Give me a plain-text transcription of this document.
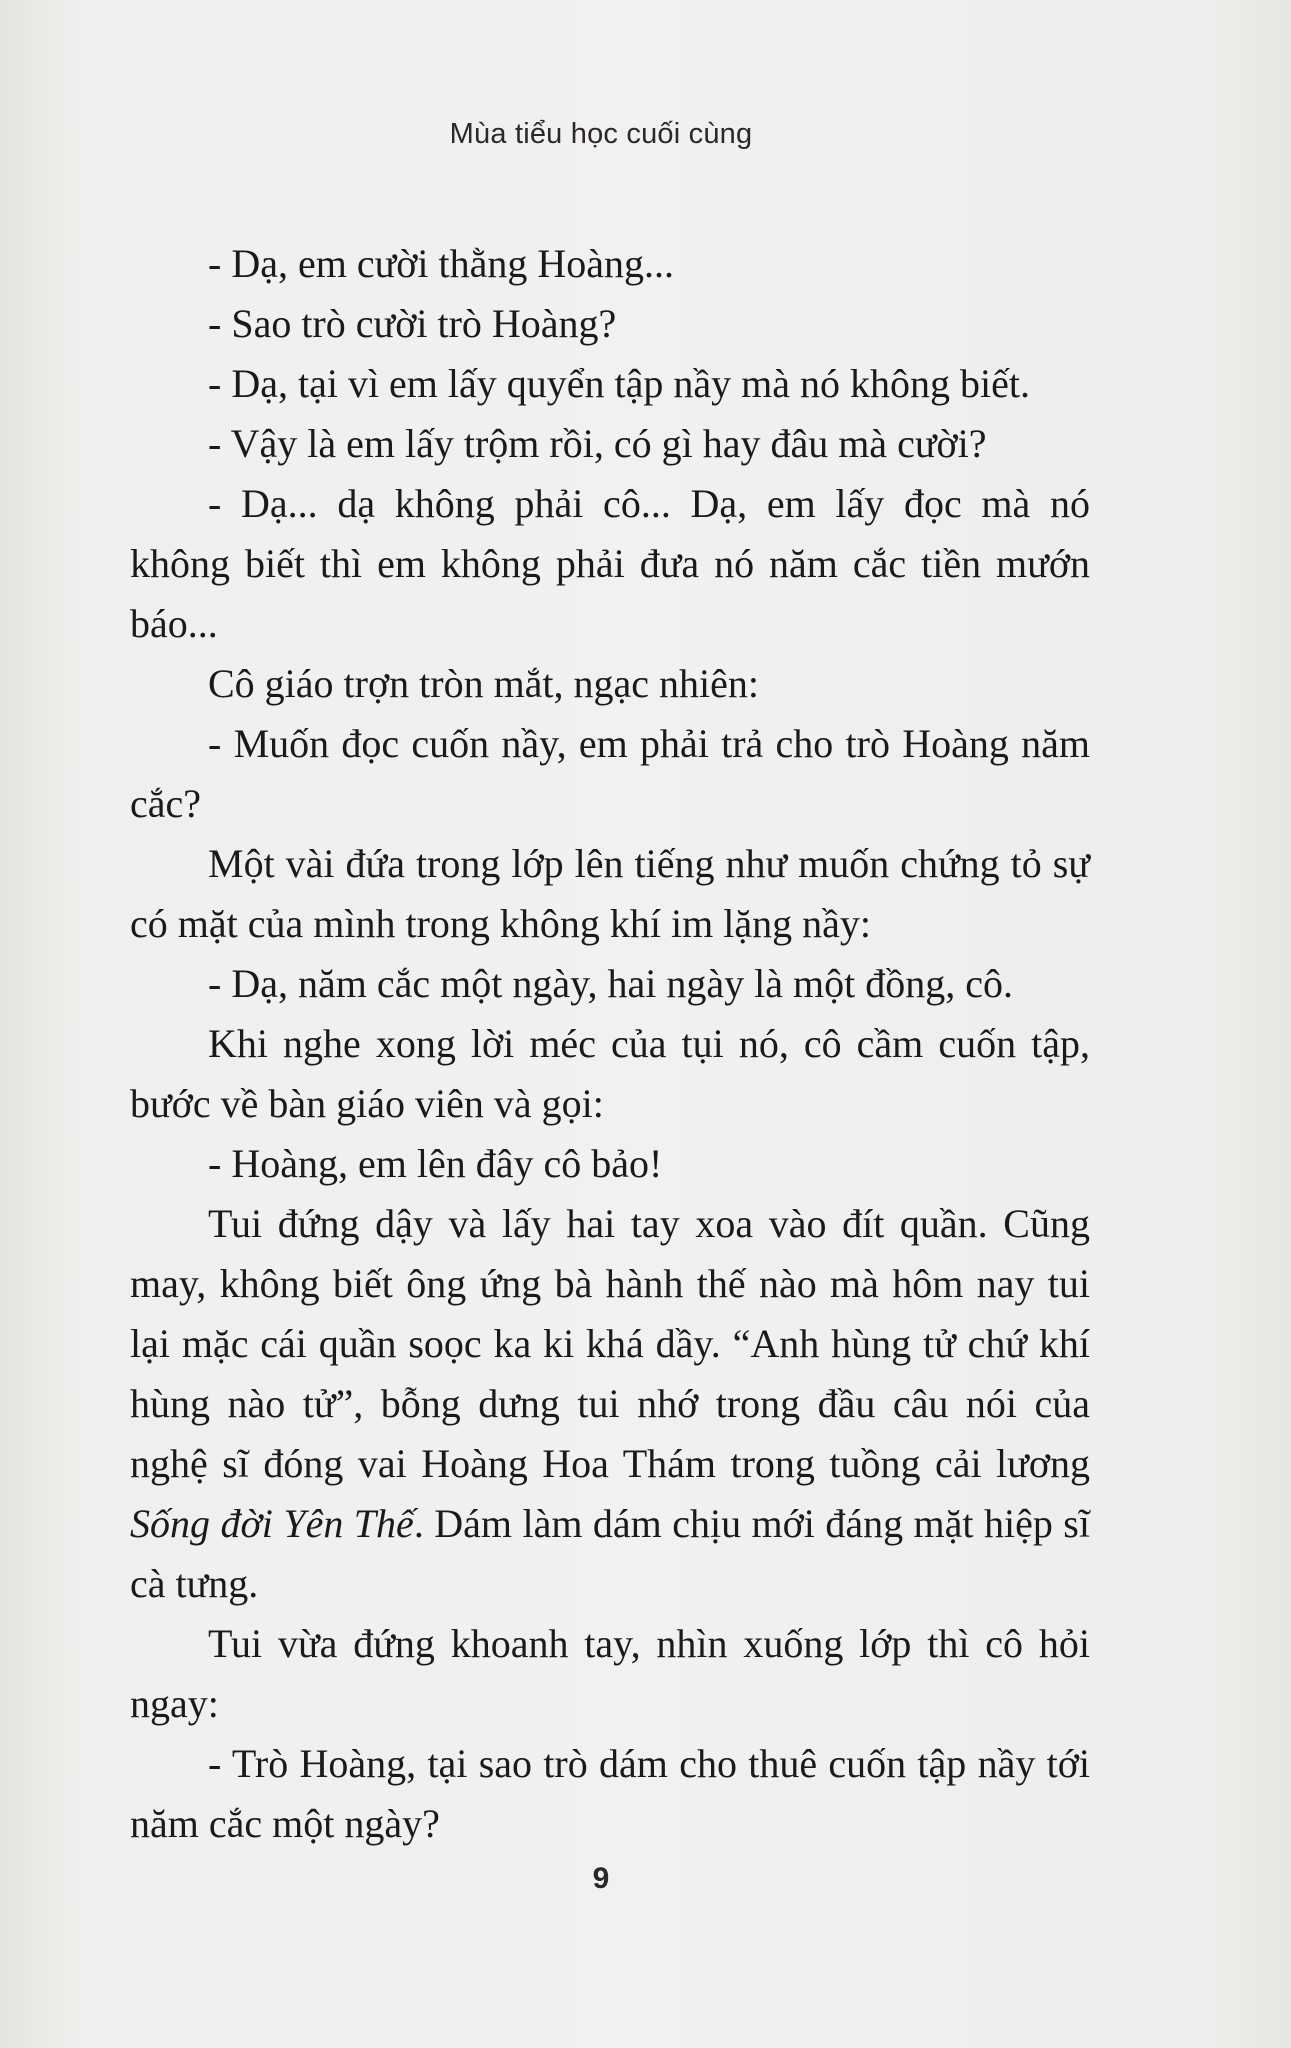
Mùa tiểu học cuối cùng

- Dạ, em cười thằng Hoàng...

- Sao trò cười trò Hoàng?

- Dạ, tại vì em lấy quyển tập nầy mà nó không biết.

- Vậy là em lấy trộm rồi, có gì hay đâu mà cười?

- Dạ... dạ không phải cô... Dạ, em lấy đọc mà nó không biết thì em không phải đưa nó năm cắc tiền mướn báo...

Cô giáo trợn tròn mắt, ngạc nhiên:

- Muốn đọc cuốn nầy, em phải trả cho trò Hoàng năm cắc?

Một vài đứa trong lớp lên tiếng như muốn chứng tỏ sự có mặt của mình trong không khí im lặng nầy:

- Dạ, năm cắc một ngày, hai ngày là một đồng, cô.

Khi nghe xong lời méc của tụi nó, cô cầm cuốn tập, bước về bàn giáo viên và gọi:

- Hoàng, em lên đây cô bảo!

Tui đứng dậy và lấy hai tay xoa vào đít quần. Cũng may, không biết ông ứng bà hành thế nào mà hôm nay tui lại mặc cái quần soọc ka ki khá dầy. “Anh hùng tử chứ khí hùng nào tử”, bỗng dưng tui nhớ trong đầu câu nói của nghệ sĩ đóng vai Hoàng Hoa Thám trong tuồng cải lương Sống đời Yên Thế. Dám làm dám chịu mới đáng mặt hiệp sĩ cà tưng.

Tui vừa đứng khoanh tay, nhìn xuống lớp thì cô hỏi ngay:

- Trò Hoàng, tại sao trò dám cho thuê cuốn tập nầy tới năm cắc một ngày?

9
